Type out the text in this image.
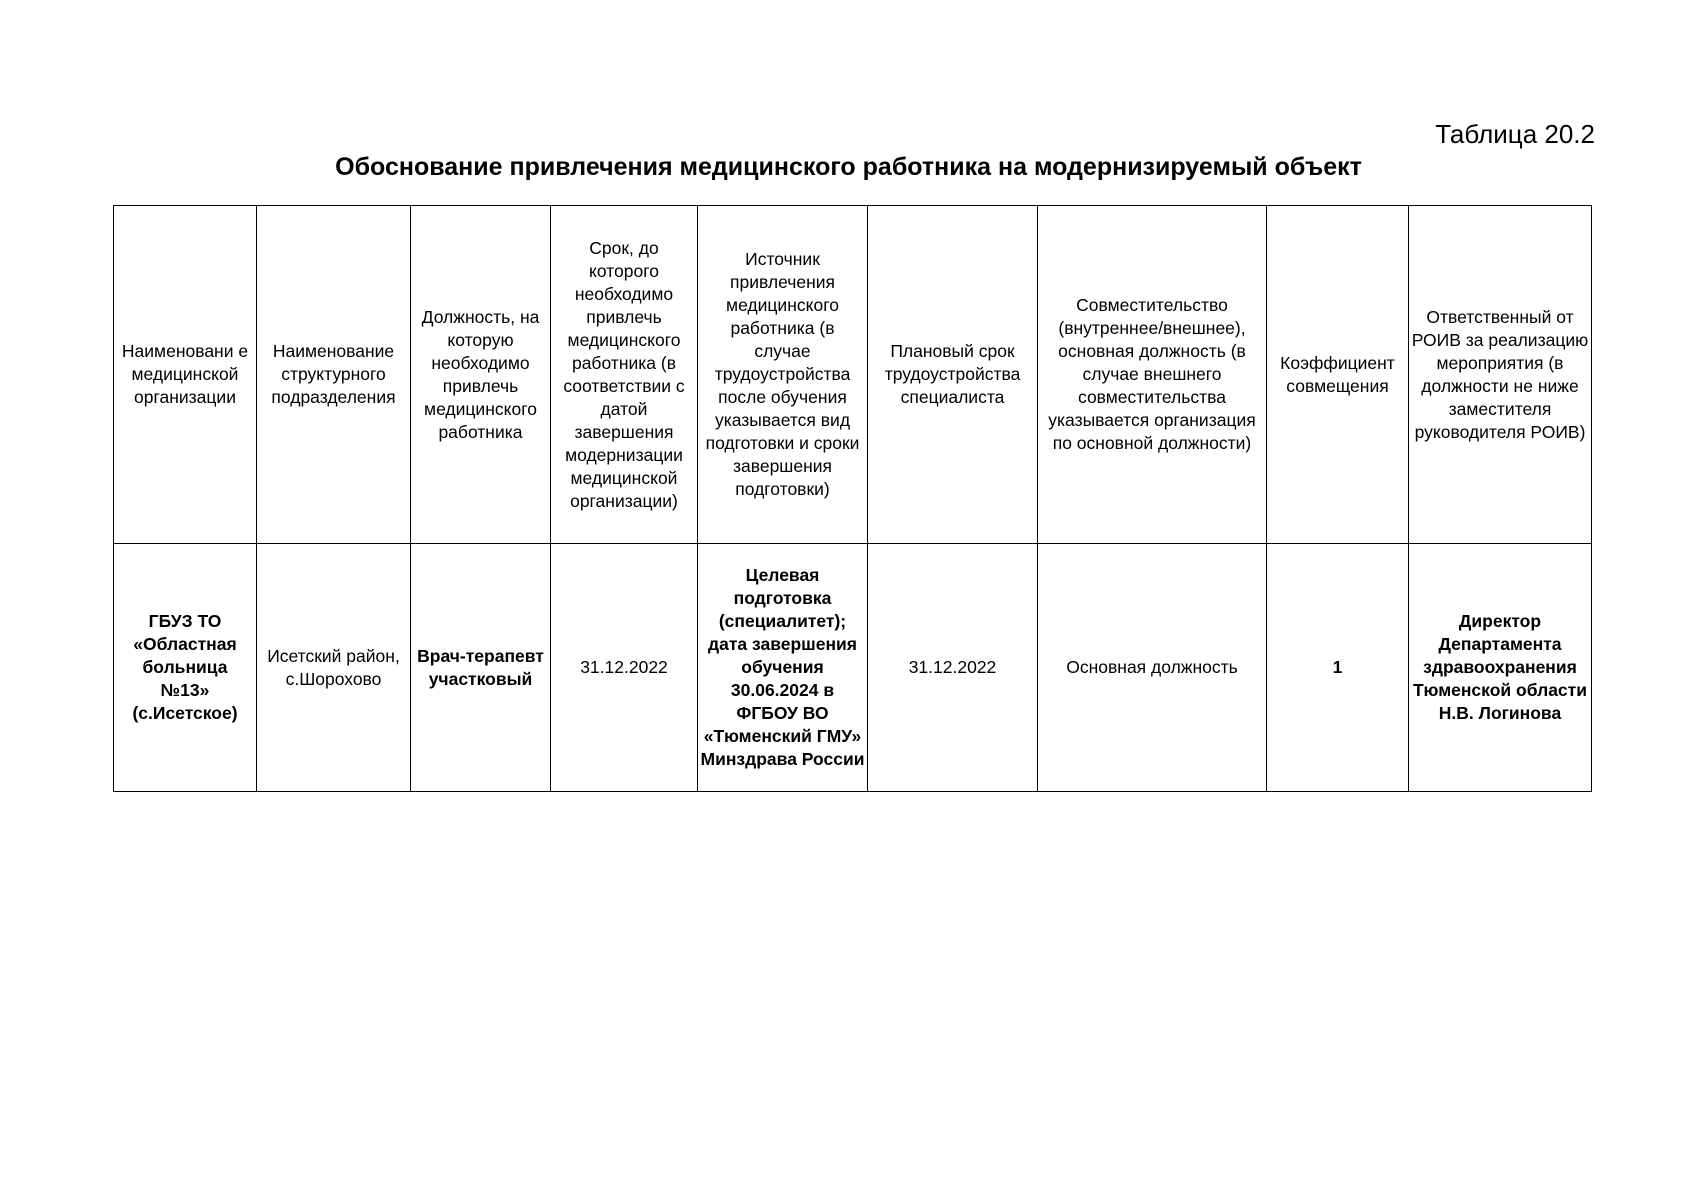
Таблица 20.2
Обоснование привлечения медицинского работника на модернизируемый объект
Наименовани е медицинской организации	Наименование структурного подразделения	Должность, на которую необходимо привлечь медицинского работника	Срок, до которого необходимо привлечь медицинского работника (в соответствии с датой завершения модернизации медицинской организации)	Источник привлечения медицинского работника (в случае трудоустройства после обучения указывается вид подготовки и сроки завершения подготовки)	Плановый срок трудоустройства специалиста	Совместительство (внутреннее/внешнее), основная должность (в случае внешнего совместительства указывается организация по основной должности)	Коэффициент совмещения	Ответственный от РОИВ за реализацию мероприятия (в должности не ниже заместителя руководителя РОИВ)
ГБУЗ ТО «Областная больница №13» (с.Исетское)	Исетский район, с.Шорохово	Врач-терапевт участковый	31.12.2022	Целевая подготовка (специалитет); дата завершения обучения 30.06.2024 в ФГБОУ ВО «Тюменский ГМУ» Минздрава России	31.12.2022	Основная должность	1	Директор Департамента здравоохранения Тюменской области Н.В. Логинова
